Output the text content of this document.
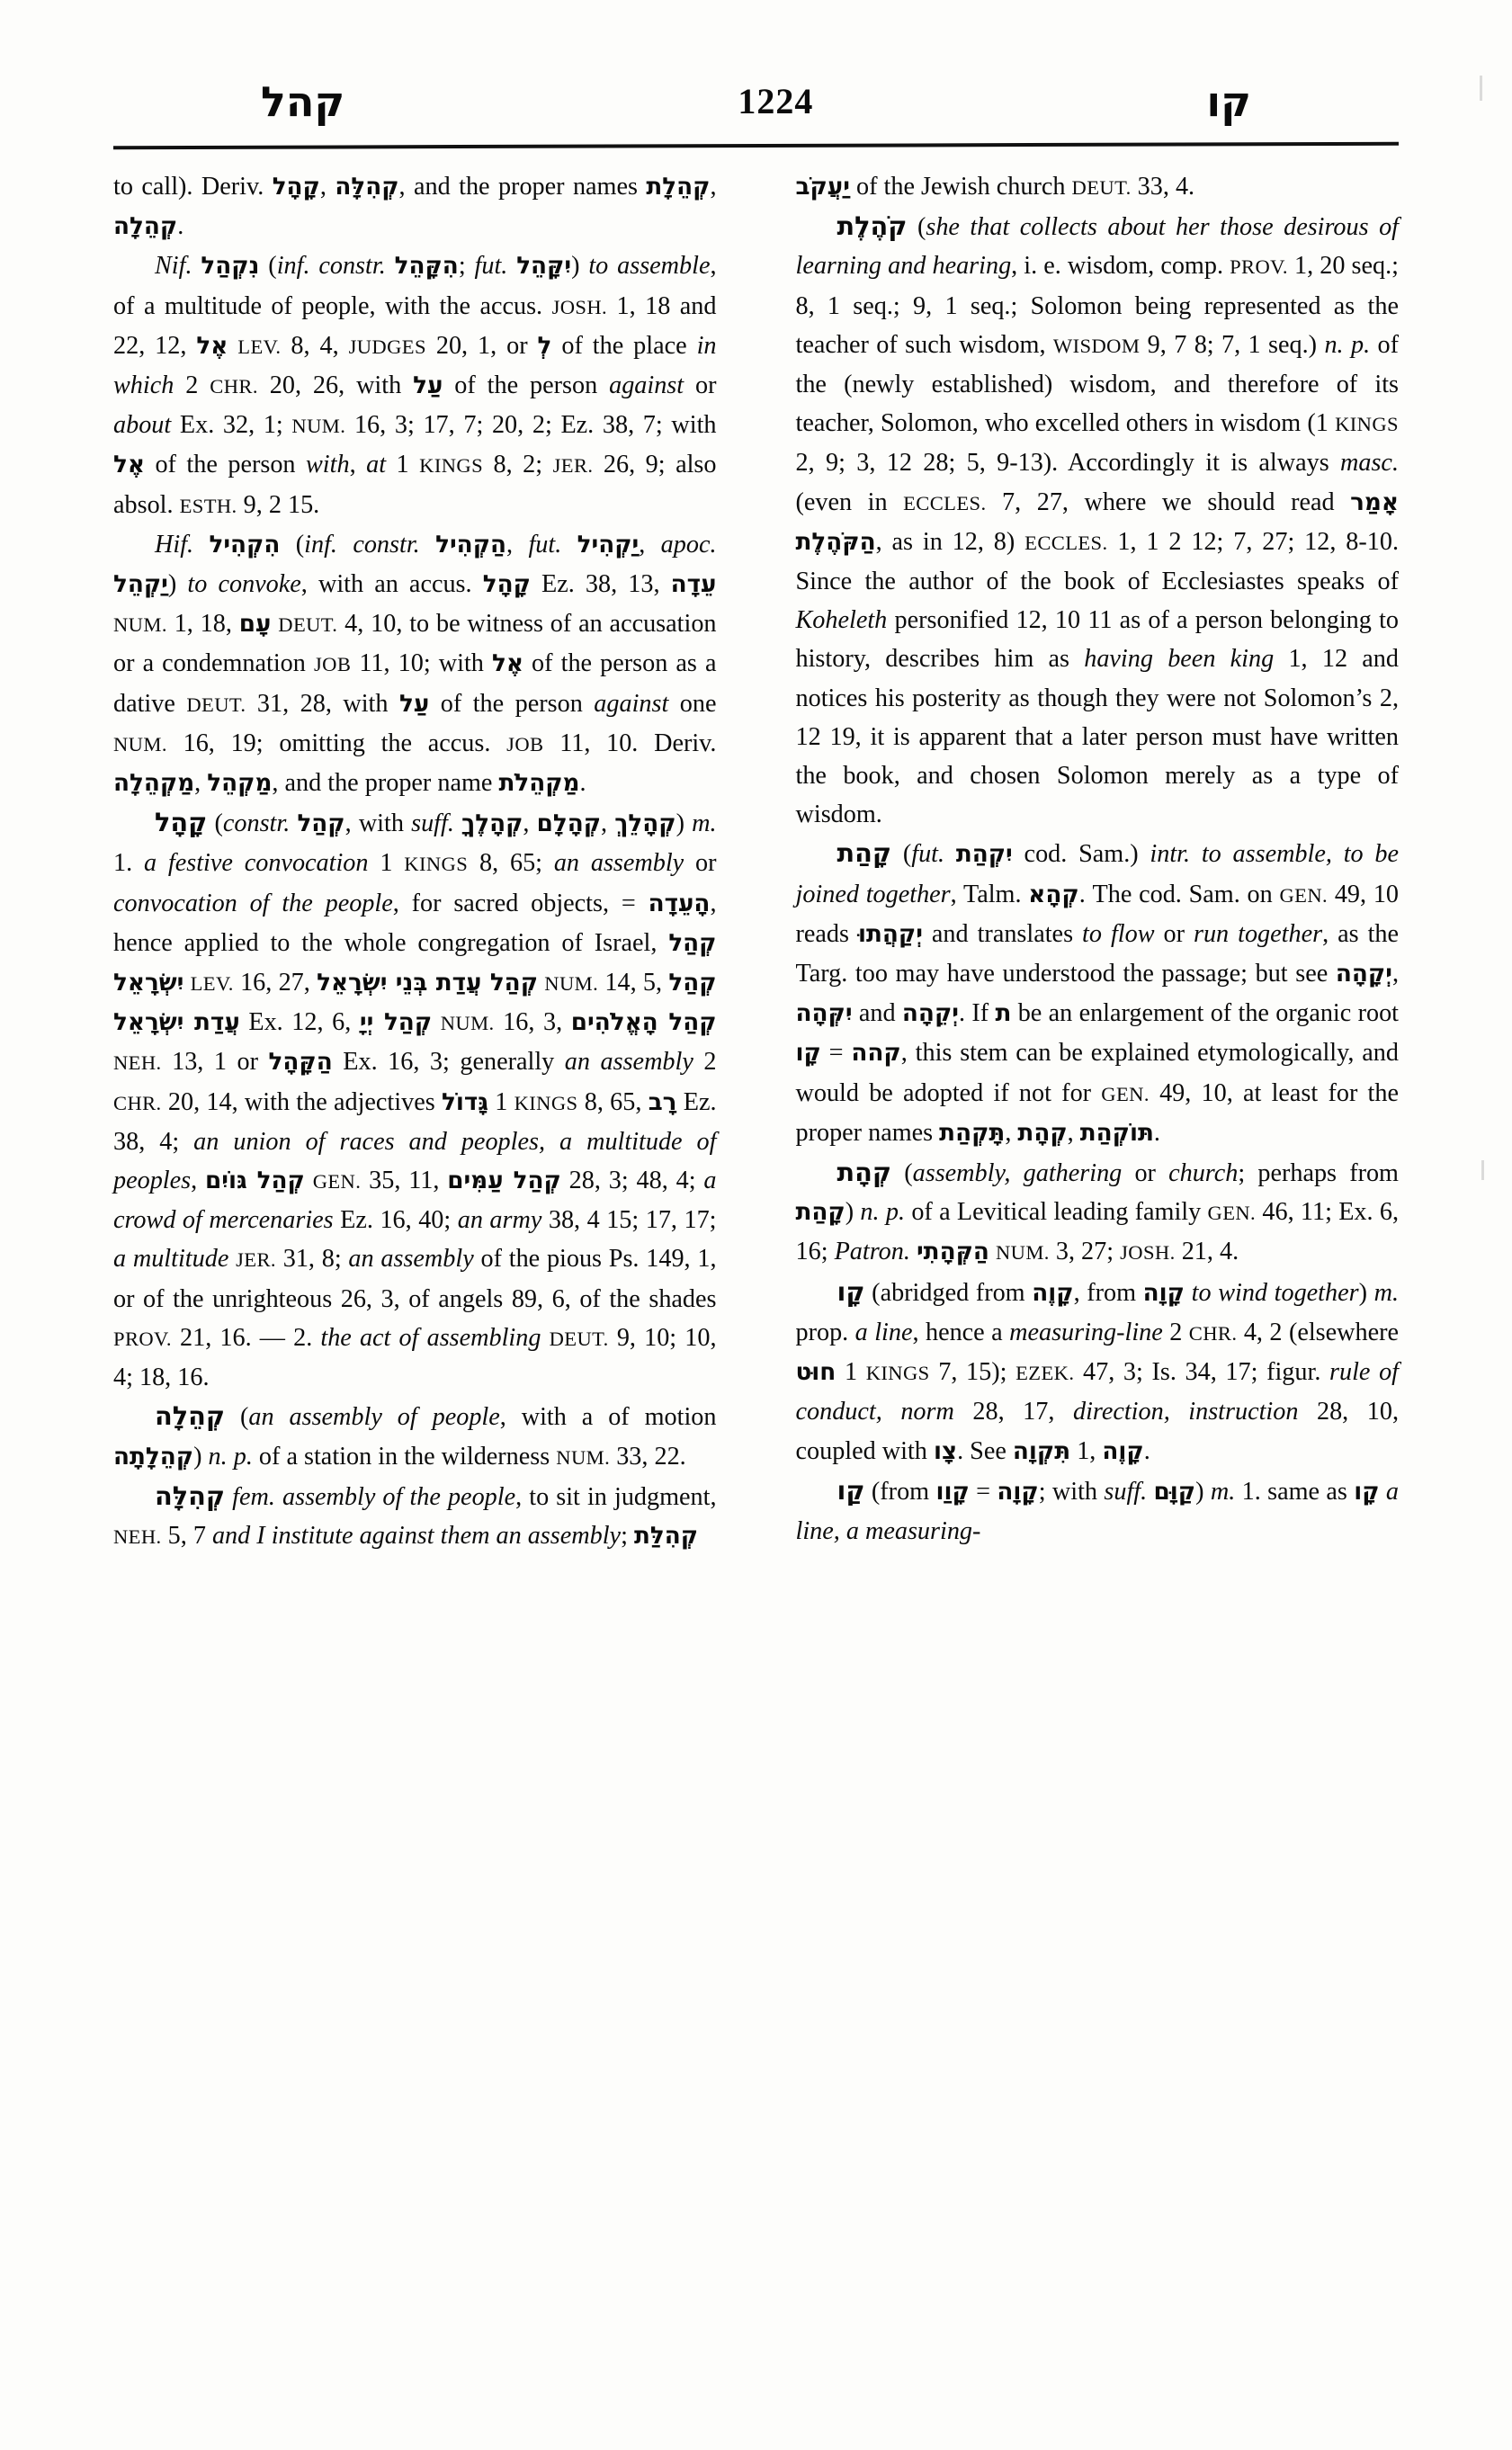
קהל	1224	קו

to call). Deriv. קָהָל, קְהִלָּה, and the proper names קְהֵלָת, קְהֵלָה.

Nif. נִקְהַל (inf. constr. הִקָּהֵל; fut. יִקָּהֵל) to assemble, of a multitude of people, with the accus. JOSH. 1, 18 and 22, 12, אֶל LEV. 8, 4, JUDGES 20, 1, or לְ of the place in which 2 CHR. 20, 26, with עַל of the person against or about Ex. 32, 1; NUM. 16, 3; 17, 7; 20, 2; Ez. 38, 7; with אֶל of the person with, at 1 KINGS 8, 2; JER. 26, 9; also absol. ESTH. 9, 2 15.

Hif. הִקְהִיל (inf. constr. הַקְהִיל, fut. יַקְהִיל, apoc. יַקְהֵל) to convoke, with an accus. קָהָל Ez. 38, 13, עֵדָה NUM. 1, 18, עָם DEUT. 4, 10, to be witness of an accusation or a condemnation JOB 11, 10; with אֶל of the person as a dative DEUT. 31, 28, with עַל of the person against one NUM. 16, 19; omitting the accus. JOB 11, 10. Deriv. מַקְהֵלָה, מַקְהֵל, and the proper name מַקְהֵלֹת.

קָהָל (constr. קְהַל, with suff. קְהָלֶךָ, קְהָלָם, קְהָלֵךְ) m. 1. a festive convocation 1 KINGS 8, 65; an assembly or convocation of the people, for sacred objects, = הָעֵדָה, hence applied to the whole congregation of Israel, קְהַל יִשְׂרָאֵל LEV. 16, 27, קְהַל עֲדַת בְּנֵי יִשְׂרָאֵל NUM. 14, 5, קְהַל עֲדַת יִשְׂרָאֵל Ex. 12, 6, קְהַל יְיָ NUM. 16, 3, קְהַל הָאֱלֹהִים NEH. 13, 1 or הַקָּהָל Ex. 16, 3; generally an assembly 2 CHR. 20, 14, with the adjectives גָּדוֹל 1 KINGS 8, 65, רָב Ez. 38, 4; an union of races and peoples, a multitude of peoples, קְהַל גּוֹיִם GEN. 35, 11, קְהַל עַמִּים 28, 3; 48, 4; a crowd of mercenaries Ez. 16, 40; an army 38, 4 15; 17, 17; a multitude JER. 31, 8; an assembly of the pious Ps. 149, 1, or of the unrighteous 26, 3, of angels 89, 6, of the shades PROV. 21, 16. — 2. the act of assembling DEUT. 9, 10; 10, 4; 18, 16.

קְהֵלָה (an assembly of people, with a of motion קְהֵלָתָה) n. p. of a station in the wilderness NUM. 33, 22.

קְהִלָּה fem. assembly of the people, to sit in judgment, NEH. 5, 7 and I institute against them an assembly; קְהִלַּת

יַעֲקֹב of the Jewish church DEUT. 33, 4.

קֹהֶלֶת (she that collects about her those desirous of learning and hearing, i. e. wisdom, comp. PROV. 1, 20 seq.; 8, 1 seq.; 9, 1 seq.; Solomon being represented as the teacher of such wisdom, WISDOM 9, 7 8; 7, 1 seq.) n. p. of the (newly established) wisdom, and therefore of its teacher, Solomon, who excelled others in wisdom (1 KINGS 2, 9; 3, 12 28; 5, 9-13). Accordingly it is always masc. (even in ECCLES. 7, 27, where we should read אָמַר הַקֹּהֶלֶת, as in 12, 8) ECCLES. 1, 1 2 12; 7, 27; 12, 8-10. Since the author of the book of Ecclesiastes speaks of Koheleth personified 12, 10 11 as of a person belonging to history, describes him as having been king 1, 12 and notices his posterity as though they were not Solomon’s 2, 12 19, it is apparent that a later person must have written the book, and chosen Solomon merely as a type of wisdom.

קָהַת (fut. יִקְהַת cod. Sam.) intr. to assemble, to be joined together, Talm. קְהָא. The cod. Sam. on GEN. 49, 10 reads יְקַהֲתוּ and translates to flow or run together, as the Targ. too may have understood the passage; but see יְקָהָה, יִקְּהָה and יְקֵהָה. If ת be an enlargement of the organic root קָו = קהה, this stem can be explained etymologically, and would be adopted if not for GEN. 49, 10, at least for the proper names תָּקְהַת, קְהָת, תּוֹקְהַת.

קְהָת (assembly, gathering or church; perhaps from קָהַת) n. p. of a Levitical leading family GEN. 46, 11; Ex. 6, 16; Patron. הַקְּהָתִי NUM. 3, 27; JOSH. 21, 4.

קָו (abridged from קָוֶה, from קָוָה to wind together) m. prop. a line, hence a measuring-line 2 CHR. 4, 2 (elsewhere חוּט 1 KINGS 7, 15); EZEK. 47, 3; Is. 34, 17; figur. rule of conduct, norm 28, 17, direction, instruction 28, 10, coupled with צָו. See תִּקְוָה 1, קָוֶה.

קַו (from קָוַו = קָוָה; with suff. קַוָּם) m. 1. same as קָו a line, a measuring-
